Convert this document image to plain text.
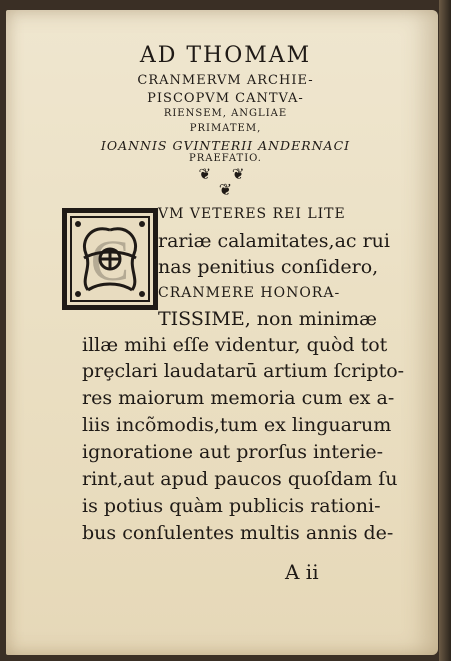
AD THOMAM
CRANMERVM ARCHIE-
PISCOPVM CANTVA-
RIENSEM, ANGLIAE
PRIMATEM,
IOANNIS GVINTERII ANDERNACI
PRAEFATIO.
❦ ❦
❦
C
VM VETERES REI LITE
rariæ calamitates,ac rui
nas penitius conſidero,
CRANMERE HONORA-
TISSIME, non minimæ
illæ mihi eſſe videntur, quòd tot
prȩclari laudatarū artium ſcripto-
res maiorum memoria cum ex a-
liis incõmodis,tum ex linguarum
ignoratione aut prorſus interie-
rint,aut apud paucos quoſdam ſu
is potius quàm publicis rationi-
bus conſulentes multis annis de-
A ii
